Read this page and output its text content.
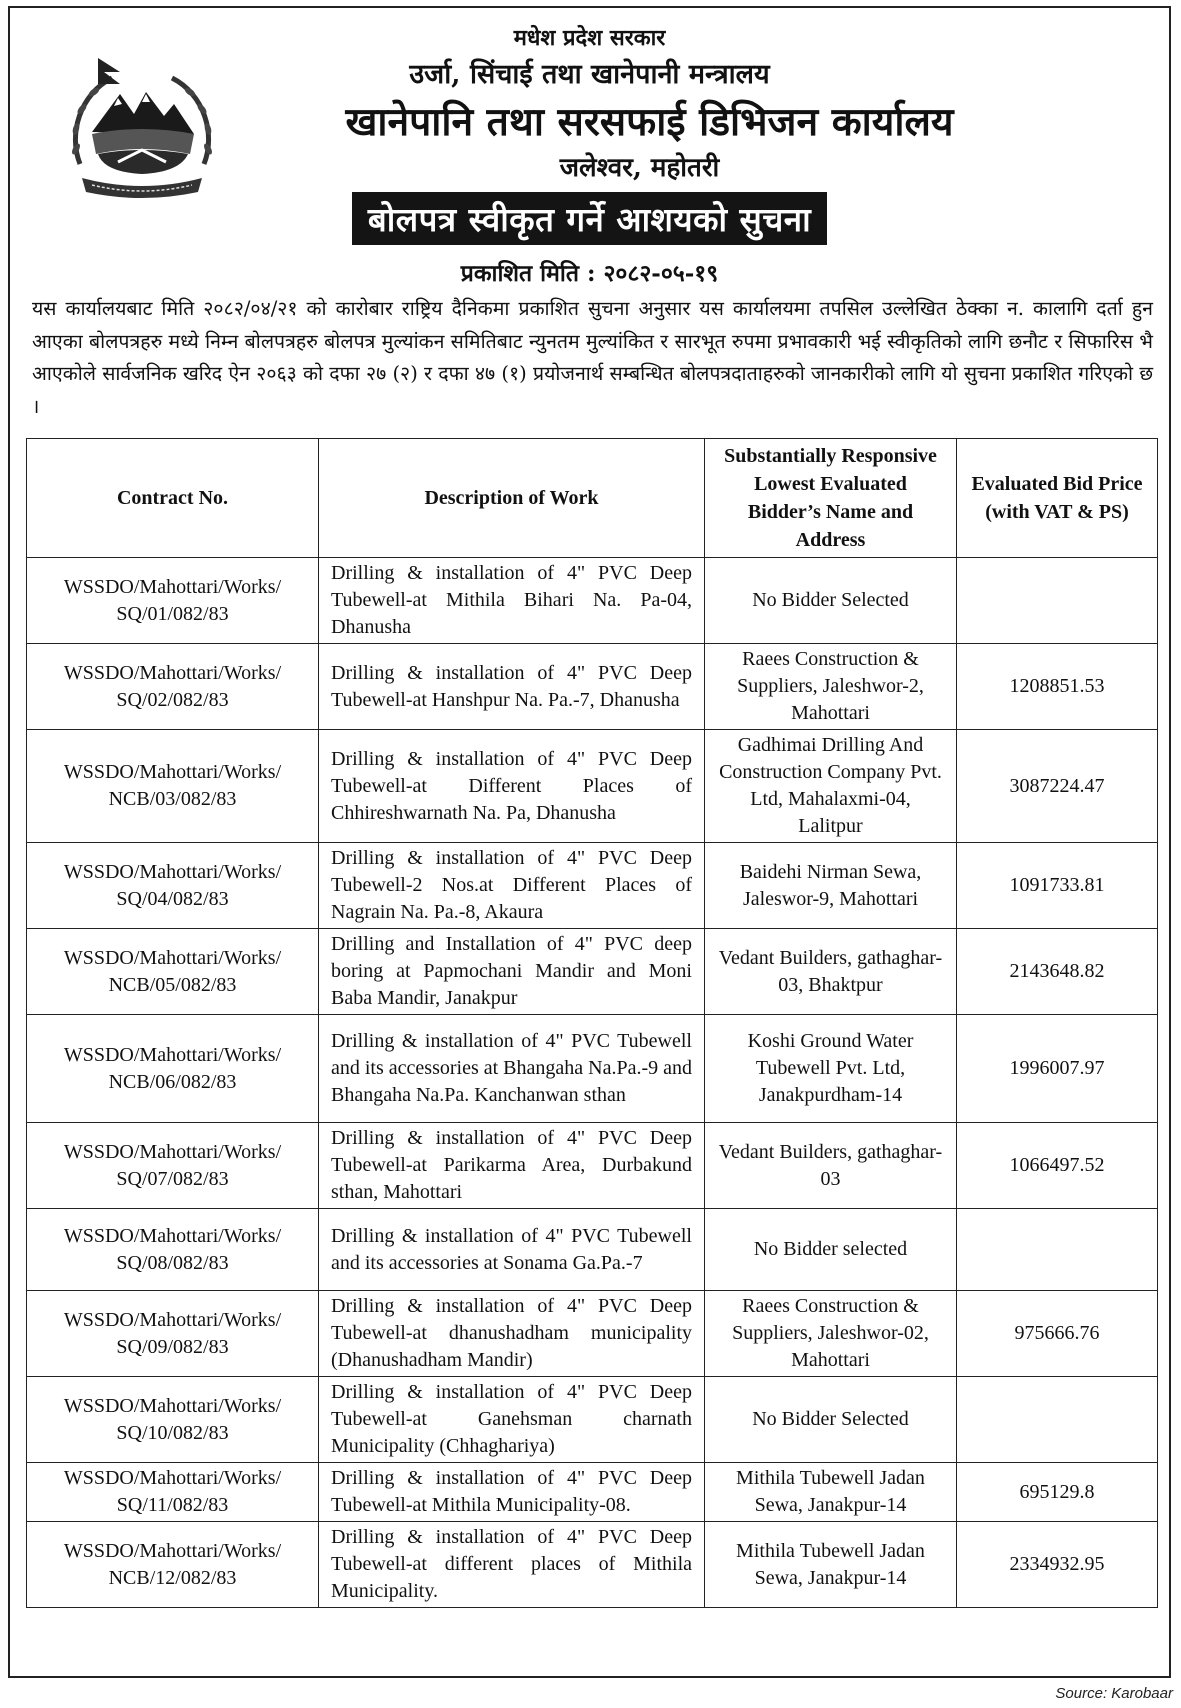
मधेश प्रदेश सरकार
उर्जा, सिंचाई तथा खानेपानी मन्त्रालय
खानेपानि तथा सरसफाई डिभिजन कार्यालय
जलेश्वर, महोतरी
बोलपत्र स्वीकृत गर्ने आशयको सुचना
प्रकाशित मिति : २०८२-०५-१९
यस कार्यालयबाट मिति २०८२/०४/२१ को कारोबार राष्ट्रिय दैनिकमा प्रकाशित सुचना अनुसार यस कार्यालयमा तपसिल उल्लेखित ठेक्का न. कालागि दर्ता हुन आएका बोलपत्रहरु मध्ये निम्न बोलपत्रहरु बोलपत्र मुल्यांकन समितिबाट न्युनतम मुल्यांकित र सारभूत रुपमा प्रभावकारी भई स्वीकृतिको लागि छनौट र सिफारिस भै आएकोले सार्वजनिक खरिद ऐन २०६३ को दफा २७ (२) र दफा ४७ (१) प्रयोजनार्थ सम्बन्धित बोलपत्रदाताहरुको जानकारीको लागि यो सुचना प्रकाशित गरिएको छ ।
Contract No.	Description of Work	Substantially Responsive Lowest Evaluated Bidder’s Name and Address	Evaluated Bid Price (with VAT & PS)
WSSDO/Mahottari/Works/ SQ/01/082/83	Drilling & installation of 4" PVC Deep Tubewell-at Mithila Bihari Na. Pa-04, Dhanusha	No Bidder Selected	
WSSDO/Mahottari/Works/ SQ/02/082/83	Drilling & installation of 4" PVC Deep Tubewell-at Hanshpur Na. Pa.-7, Dhanusha	Raees Construction & Suppliers, Jaleshwor-2, Mahottari	1208851.53
WSSDO/Mahottari/Works/ NCB/03/082/83	Drilling & installation of 4" PVC Deep Tubewell-at Different Places of Chhireshwarnath Na. Pa, Dhanusha	Gadhimai Drilling And Construction Company Pvt. Ltd, Mahalaxmi-04, Lalitpur	3087224.47
WSSDO/Mahottari/Works/ SQ/04/082/83	Drilling & installation of 4" PVC Deep Tubewell-2 Nos.at Different Places of Nagrain Na. Pa.-8, Akaura	Baidehi Nirman Sewa, Jaleswor-9, Mahottari	1091733.81
WSSDO/Mahottari/Works/ NCB/05/082/83	Drilling and Installation of 4" PVC deep boring at Papmochani Mandir and Moni Baba Mandir, Janakpur	Vedant Builders, gathaghar-03, Bhaktpur	2143648.82
WSSDO/Mahottari/Works/ NCB/06/082/83	Drilling & installation of 4" PVC Tubewell and its accessories at Bhangaha Na.Pa.-9 and Bhangaha Na.Pa. Kanchanwan sthan	Koshi Ground Water Tubewell Pvt. Ltd, Janakpurdham-14	1996007.97
WSSDO/Mahottari/Works/ SQ/07/082/83	Drilling & installation of 4" PVC Deep Tubewell-at Parikarma Area, Durbakund sthan, Mahottari	Vedant Builders, gathaghar-03	1066497.52
WSSDO/Mahottari/Works/ SQ/08/082/83	Drilling & installation of 4" PVC Tubewell and its accessories at Sonama Ga.Pa.-7	No Bidder selected	
WSSDO/Mahottari/Works/ SQ/09/082/83	Drilling & installation of 4" PVC Deep Tubewell-at dhanushadham municipality (Dhanushadham Mandir)	Raees Construction & Suppliers, Jaleshwor-02, Mahottari	975666.76
WSSDO/Mahottari/Works/ SQ/10/082/83	Drilling & installation of 4" PVC Deep Tubewell-at Ganehsman charnath Municipality (Chhaghariya)	No Bidder Selected	
WSSDO/Mahottari/Works/ SQ/11/082/83	Drilling & installation of 4" PVC Deep Tubewell-at Mithila Municipality-08.	Mithila Tubewell Jadan Sewa, Janakpur-14	695129.8
WSSDO/Mahottari/Works/ NCB/12/082/83	Drilling & installation of 4" PVC Deep Tubewell-at different places of Mithila Municipality.	Mithila Tubewell Jadan Sewa, Janakpur-14	2334932.95
Source: Karobaar
